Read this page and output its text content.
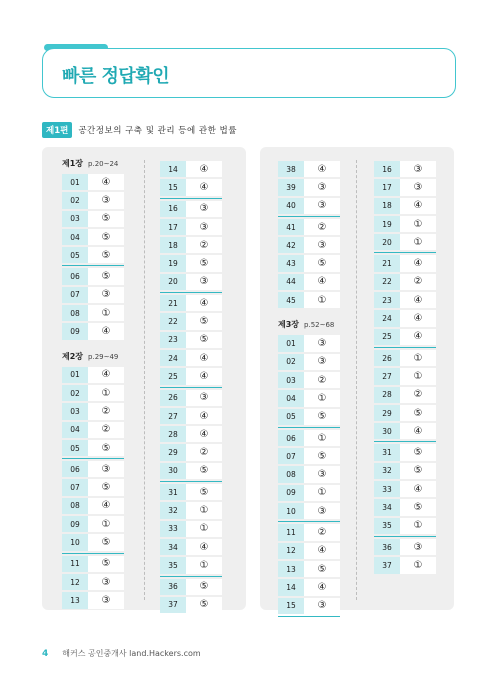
빠른 정답확인
제1편	공간정보의 구축 및 관리 등에 관한 법률
제1장 p.20~24
01	④
02	③
03	⑤
04	⑤
05	⑤
06	⑤
07	③
08	①
09	④
제2장 p.29~49
01	④
02	①
03	②
04	②
05	⑤
06	③
07	⑤
08	④
09	①
10	⑤
11	⑤
12	③
13	③
14	④
15	④
16	③
17	③
18	②
19	⑤
20	③
21	④
22	⑤
23	⑤
24	④
25	④
26	③
27	④
28	④
29	②
30	⑤
31	⑤
32	①
33	①
34	④
35	①
36	⑤
37	⑤
38	④
39	③
40	③
41	②
42	③
43	⑤
44	④
45	①
제3장 p.52~68
01	③
02	③
03	②
04	①
05	⑤
06	①
07	⑤
08	③
09	①
10	③
11	②
12	④
13	⑤
14	④
15	③
16	③
17	③
18	④
19	①
20	①
21	④
22	②
23	④
24	④
25	④
26	①
27	①
28	②
29	⑤
30	④
31	⑤
32	⑤
33	④
34	⑤
35	①
36	③
37	①
4 해커스 공인중개사 land.Hackers.com
